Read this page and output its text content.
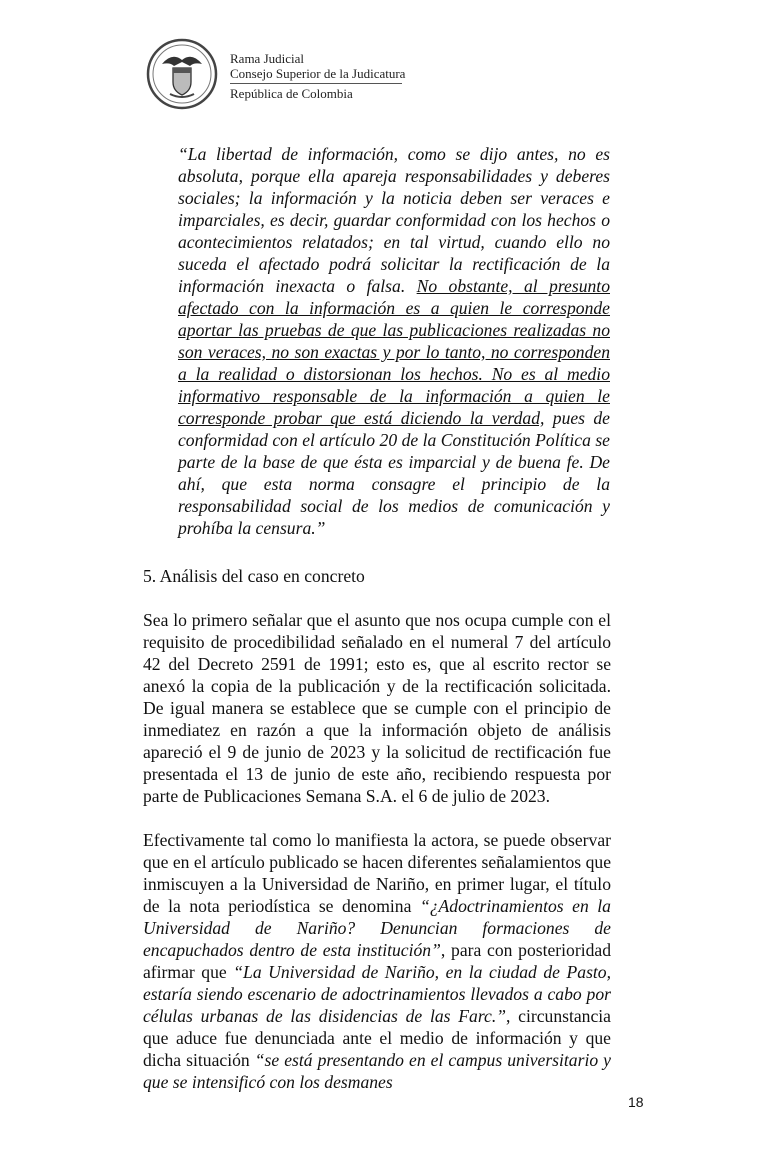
Rama Judicial
Consejo Superior de la Judicatura
República de Colombia
“La libertad de información, como se dijo antes, no es absoluta, porque ella apareja responsabilidades y deberes sociales; la información y la noticia deben ser veraces e imparciales, es decir, guardar conformidad con los hechos o acontecimientos relatados; en tal virtud, cuando ello no suceda el afectado podrá solicitar la rectificación de la información inexacta o falsa. No obstante, al presunto afectado con la información es a quien le corresponde aportar las pruebas de que las publicaciones realizadas no son veraces, no son exactas y por lo tanto, no corresponden a la realidad o distorsionan los hechos. No es al medio informativo responsable de la información a quien le corresponde probar que está diciendo la verdad, pues de conformidad con el artículo 20 de la Constitución Política se parte de la base de que ésta es imparcial y de buena fe. De ahí, que esta norma consagre el principio de la responsabilidad social de los medios de comunicación y prohíba la censura.”
5. Análisis del caso en concreto
Sea lo primero señalar que el asunto que nos ocupa cumple con el requisito de procedibilidad señalado en el numeral 7 del artículo 42 del Decreto 2591 de 1991; esto es, que al escrito rector se anexó la copia de la publicación y de la rectificación solicitada. De igual manera se establece que se cumple con el principio de inmediatez en razón a que la información objeto de análisis apareció el 9 de junio de 2023 y la solicitud de rectificación fue presentada el 13 de junio de este año, recibiendo respuesta por parte de Publicaciones Semana S.A. el 6 de julio de 2023.
Efectivamente tal como lo manifiesta la actora, se puede observar que en el artículo publicado se hacen diferentes señalamientos que inmiscuyen a la Universidad de Nariño, en primer lugar, el título de la nota periodística se denomina “¿Adoctrinamientos en la Universidad de Nariño? Denuncian formaciones de encapuchados dentro de esta institución”, para con posterioridad afirmar que “La Universidad de Nariño, en la ciudad de Pasto, estaría siendo escenario de adoctrinamientos llevados a cabo por células urbanas de las disidencias de las Farc.”, circunstancia que aduce fue denunciada ante el medio de información y que dicha situación “se está presentando en el campus universitario y que se intensificó con los desmanes
18
